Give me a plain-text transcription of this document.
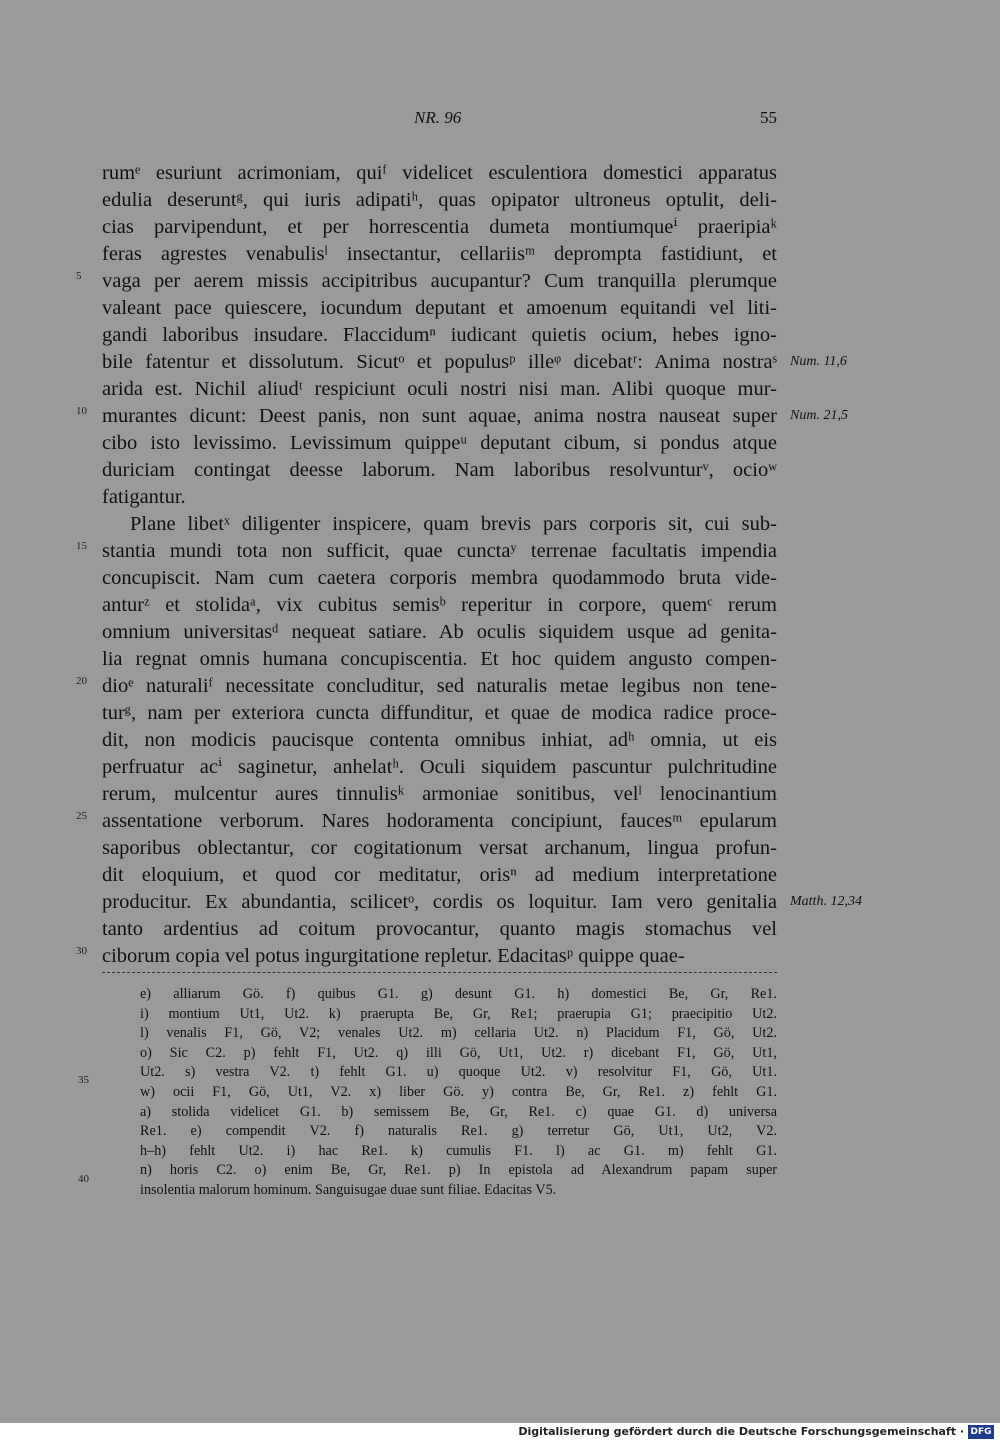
NR. 96	55
rumᵉ esuriunt acrimoniam, quiᶠ videlicet esculentiora domestici apparatus
edulia deseruntᵍ, qui iuris adipatiʰ, quas opipator ultroneus optulit, deli-
cias parvipendunt, et per horrescentia dumeta montiumqueⁱ praeripiaᵏ
feras agrestes venabulisˡ insectantur, cellariisᵐ deprompta fastidiunt, et
vaga per aerem missis accipitribus aucupantur? Cum tranquilla plerumque
valeant pace quiescere, iocundum deputant et amoenum equitandi vel liti-
gandi laboribus insudare. Flaccidumⁿ iudicant quietis ocium, hebes igno-
bile fatentur et dissolutum. Sicutᵒ et populusᵖ illeᵠ dicebatʳ: Anima nostraˢ
arida est. Nichil aliudᵗ respiciunt oculi nostri nisi man. Alibi quoque mur-
murantes dicunt: Deest panis, non sunt aquae, anima nostra nauseat super
cibo isto levissimo. Levissimum quippeᵘ deputant cibum, si pondus atque
duriciam contingat deesse laborum. Nam laboribus resolvunturᵛ, ocioʷ
fatigantur.
Plane libetˣ diligenter inspicere, quam brevis pars corporis sit, cui sub-
stantia mundi tota non sufficit, quae cunctaʸ terrenae facultatis impendia
concupiscit. Nam cum caetera corporis membra quodammodo bruta vide-
anturᶻ et stolidaᵃ, vix cubitus semisᵇ reperitur in corpore, quemᶜ rerum
omnium universitasᵈ nequeat satiare. Ab oculis siquidem usque ad genita-
lia regnat omnis humana concupiscentia. Et hoc quidem angusto compen-
dioᵉ naturaliᶠ necessitate concluditur, sed naturalis metae legibus non tene-
turᵍ, nam per exteriora cuncta diffunditur, et quae de modica radice proce-
dit, non modicis paucisque contenta omnibus inhiat, adʰ omnia, ut eis
perfruatur acⁱ saginetur, anhelatʰ. Oculi siquidem pascuntur pulchritudine
rerum, mulcentur aures tinnulisᵏ armoniae sonitibus, velˡ lenocinantium
assentatione verborum. Nares hodoramenta concipiunt, faucesᵐ epularum
saporibus oblectantur, cor cogitationum versat archanum, lingua profun-
dit eloquium, et quod cor meditatur, orisⁿ ad medium interpretatione
producitur. Ex abundantia, scilicetᵒ, cordis os loquitur. Iam vero genitalia
tanto ardentius ad coitum provocantur, quanto magis stomachus vel
ciborum copia vel potus ingurgitatione repletur. Edacitasᵖ quippe quae-
5
10
15
20
25
30
Num. 11,6
Num. 21,5
Matth. 12,34
e) alliarum Gö. f) quibus G1. g) desunt G1. h) domestici Be, Gr, Re1.
i) montium Ut1, Ut2. k) praerupta Be, Gr, Re1; praerupia G1; praecipitio Ut2.
l) venalis F1, Gö, V2; venales Ut2. m) cellaria Ut2. n) Placidum F1, Gö, Ut2.
o) Sic C2. p) fehlt F1, Ut2. q) illi Gö, Ut1, Ut2. r) dicebant F1, Gö, Ut1,
Ut2. s) vestra V2. t) fehlt G1. u) quoque Ut2. v) resolvitur F1, Gö, Ut1.
w) ocii F1, Gö, Ut1, V2. x) liber Gö. y) contra Be, Gr, Re1. z) fehlt G1.
a) stolida videlicet G1. b) semissem Be, Gr, Re1. c) quae G1. d) universa
Re1. e) compendit V2. f) naturalis Re1. g) terretur Gö, Ut1, Ut2, V2.
h–h) fehlt Ut2. i) hac Re1. k) cumulis F1. l) ac G1. m) fehlt G1.
n) horis C2. o) enim Be, Gr, Re1. p) In epistola ad Alexandrum papam super
insolentia malorum hominum. Sanguisugae duae sunt filiae. Edacitas V5.
35
40
Digitalisierung gefördert durch die Deutsche Forschungsgemeinschaft · DFG
